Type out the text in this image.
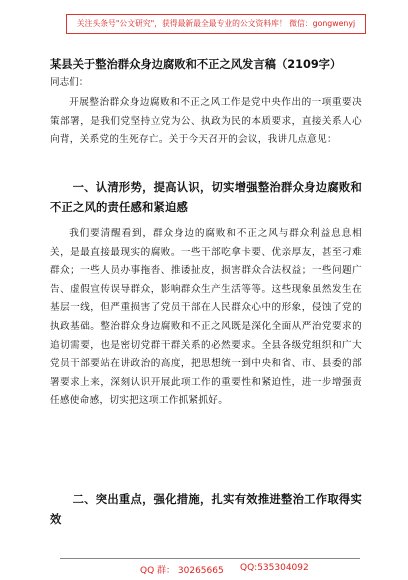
关注头条号"公文研究"，获得最新最全最专业的公文资料库！ 微信：gongwenyj
某县关于整治群众身边腐败和不正之风发言稿（2109字）
同志们：
开展整治群众身边腐败和不正之风工作是党中央作出的一项重要决策部署，是我们党坚持立党为公、执政为民的本质要求，直接关系人心向背，关系党的生死存亡。关于今天召开的会议，我讲几点意见：
一、认清形势，提高认识，切实增强整治群众身边腐败和不正之风的责任感和紧迫感
我们要清醒看到，群众身边的腐败和不正之风与群众利益息息相关，是最直接最现实的腐败。一些干部吃拿卡要、优亲厚友，甚至刁难群众；一些人员办事拖沓、推诿扯皮，损害群众合法权益；一些问题广告、虚假宣传误导群众，影响群众生产生活等等。这些现象虽然发生在基层一线，但严重损害了党员干部在人民群众心中的形象，侵蚀了党的执政基础。整治群众身边腐败和不正之风既是深化全面从严治党要求的追切需要，也是密切党群干群关系的必然要求。全县各级党组织和广大党员干部要站在讲政治的高度，把思想统一到中央和省、市、县委的部署要求上来，深刻认识开展此项工作的重要性和紧迫性，进一步增强责任感使命感，切实把这项工作抓紧抓好。
二、突出重点，强化措施，扎实有效推进整治工作取得实效
QQ 群： 30265665 QQ:535304092
